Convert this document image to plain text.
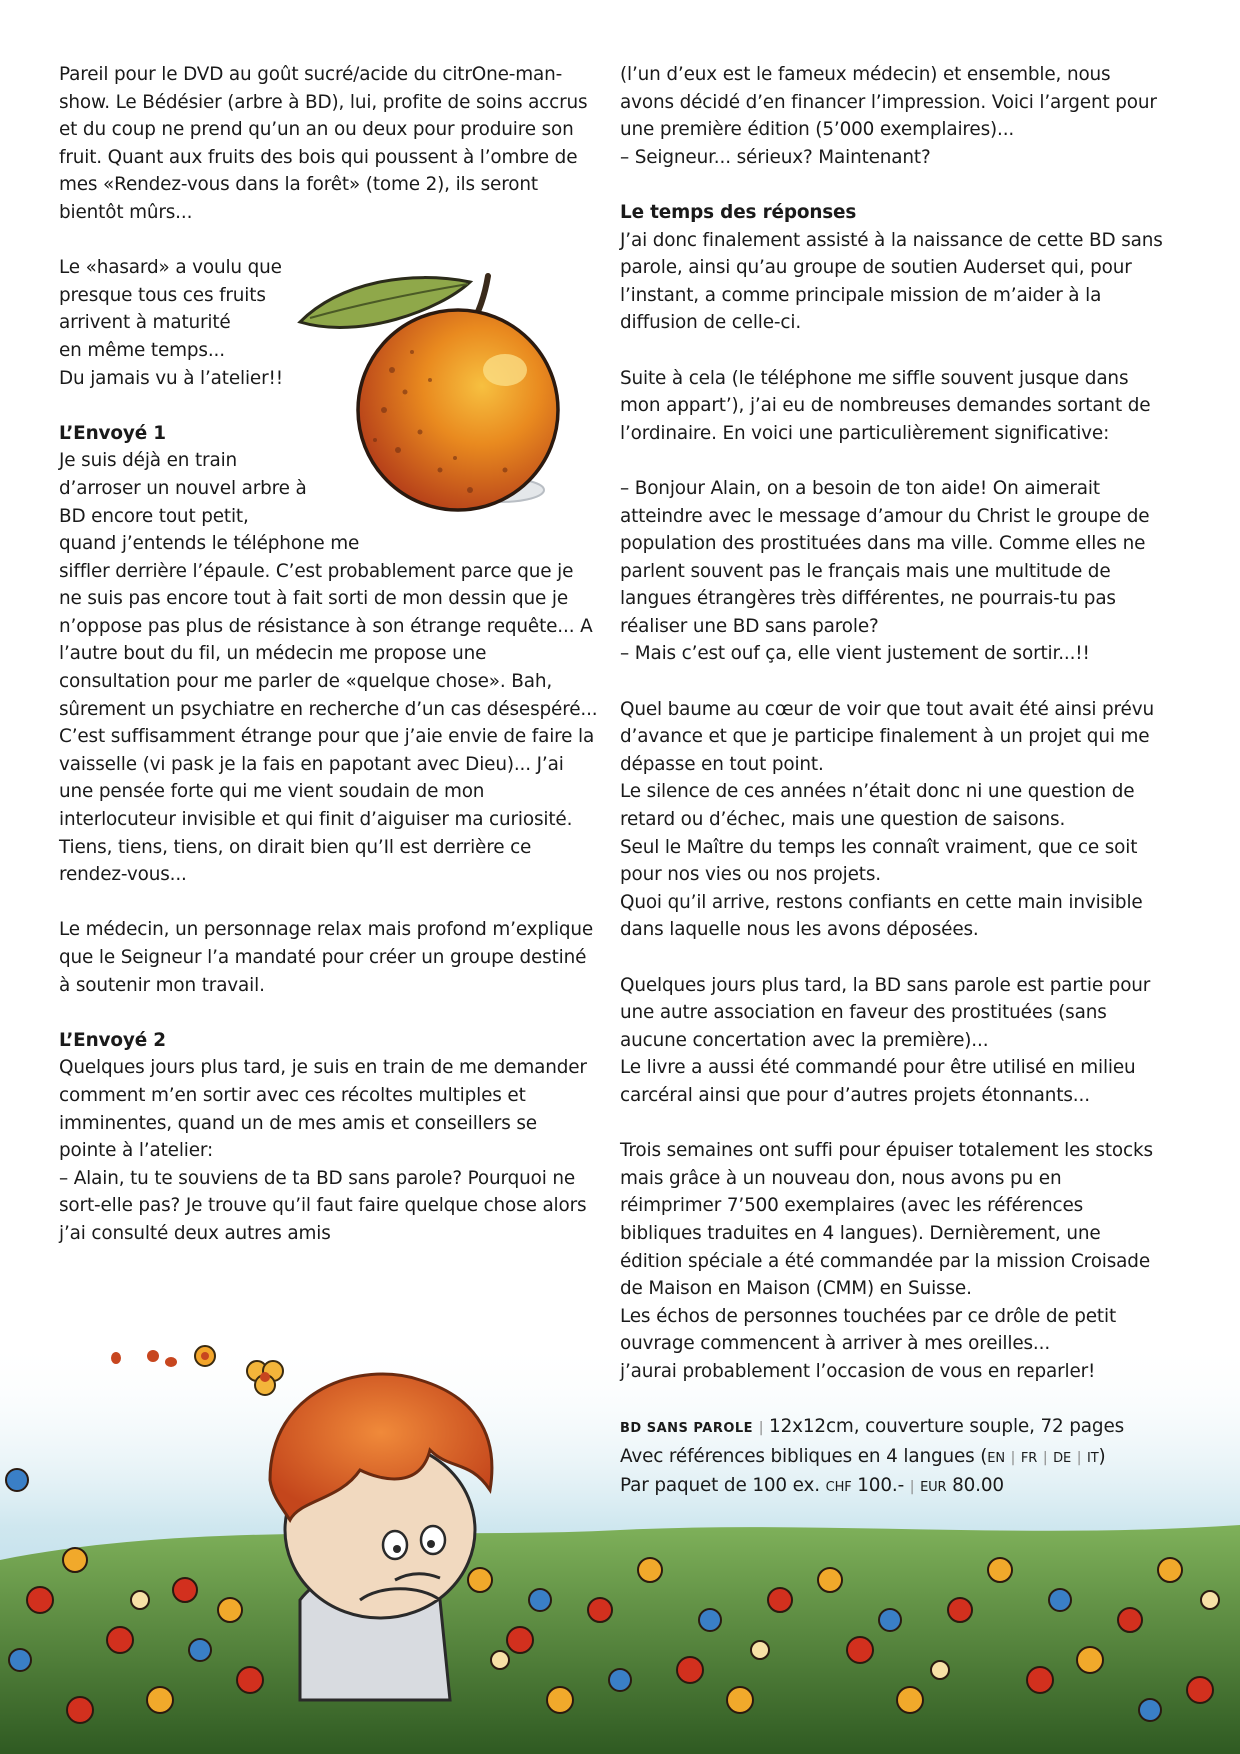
Pareil pour le DVD au goût sucré/acide du citrOne-man-show. Le Bédésier (arbre à BD), lui, profite de soins accrus et du coup ne prend qu’un an ou deux pour produire son fruit. Quant aux fruits des bois qui poussent à l’ombre de mes «Rendez-vous dans la forêt» (tome 2), ils seront bientôt mûrs...

Le «hasard» a voulu que
presque tous ces fruits
arrivent à maturité
en même temps...
Du jamais vu à l’atelier!!

L’Envoyé 1
Je suis déjà en train
d’arroser un nouvel arbre à
BD encore tout petit,
quand j’entends le téléphone me
siffler derrière l’épaule. C’est probablement parce que je ne suis pas encore tout à fait sorti de mon dessin que je n’oppose pas plus de résistance à son étrange requête... A l’autre bout du fil, un médecin me propose une consultation pour me parler de «quelque chose». Bah, sûrement un psychiatre en recherche d’un cas désespéré...

C’est suffisamment étrange pour que j’aie envie de faire la vaisselle (vi pask je la fais en papotant avec Dieu)... J’ai une pensée forte qui me vient soudain de mon interlocuteur invisible et qui finit d’aiguiser ma curiosité. Tiens, tiens, tiens, on dirait bien qu’Il est derrière ce rendez-vous...

Le médecin, un personnage relax mais profond m’explique que le Seigneur l’a mandaté pour créer un groupe destiné à soutenir mon travail.

L’Envoyé 2
Quelques jours plus tard, je suis en train de me demander comment m’en sortir avec ces récoltes multiples et imminentes, quand un de mes amis et conseillers se pointe à l’atelier:
– Alain, tu te souviens de ta BD sans parole? Pourquoi ne sort-elle pas? Je trouve qu’il faut faire quelque chose alors j’ai consulté deux autres amis
(l’un d’eux est le fameux médecin) et ensemble, nous avons décidé d’en financer l’impression. Voici l’argent pour une première édition (5’000 exemplaires)...

– Seigneur... sérieux? Maintenant?

Le temps des réponses

J’ai donc finalement assisté à la naissance de cette BD sans parole, ainsi qu’au groupe de soutien Auderset qui, pour l’instant, a comme principale mission de m’aider à la diffusion de celle-ci.

Suite à cela (le téléphone me siffle souvent jusque dans mon appart’), j’ai eu de nombreuses demandes sortant de l’ordinaire. En voici une particulièrement significative:

– Bonjour Alain, on a besoin de ton aide! On aimerait atteindre avec le message d’amour du Christ le groupe de population des prostituées dans ma ville. Comme elles ne parlent souvent pas le français mais une multitude de langues étrangères très différentes, ne pourrais-tu pas réaliser une BD sans parole?

– Mais c’est ouf ça, elle vient justement de sortir...!!

Quel baume au cœur de voir que tout avait été ainsi prévu d’avance et que je participe finalement à un projet qui me dépasse en tout point.
Le silence de ces années n’était donc ni une question de retard ou d’échec, mais une question de saisons.
Seul le Maître du temps les connaît vraiment, que ce soit pour nos vies ou nos projets.

Quoi qu’il arrive, restons confiants en cette main invisible dans laquelle nous les avons déposées.

Quelques jours plus tard, la BD sans parole est partie pour une autre association en faveur des prostituées (sans aucune concertation avec la première)...

Le livre a aussi été commandé pour être utilisé en milieu carcéral ainsi que pour d’autres projets étonnants...

Trois semaines ont suffi pour épuiser totalement les stocks mais grâce à un nouveau don, nous avons pu en réimprimer 7’500 exemplaires (avec les références bibliques traduites en 4 langues). Dernièrement, une édition spéciale a été commandée par la mission Croisade de Maison en Maison (CMM) en Suisse.
Les échos de personnes touchées par ce drôle de petit ouvrage commencent à arriver à mes oreilles...

j’aurai probablement l’occasion de vous en reparler!

BD SANS PAROLE | 12x12cm, couverture souple, 72 pages
Avec références bibliques en 4 langues (EN | FR | DE | IT)
Par paquet de 100 ex. CHF 100.- | EUR 80.00
